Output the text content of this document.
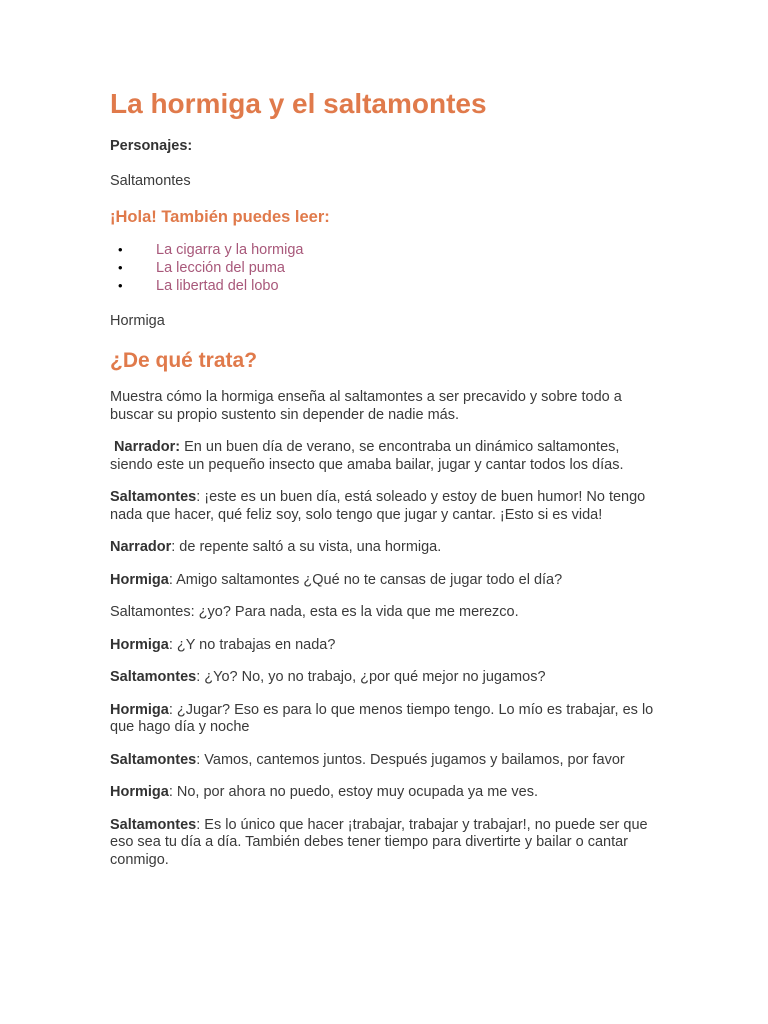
La hormiga y el saltamontes

Personajes:

Saltamontes

¡Hola! También puedes leer:

• La cigarra y la hormiga
• La lección del puma
• La libertad del lobo

Hormiga

¿De qué trata?

Muestra cómo la hormiga enseña al saltamontes a ser precavido y sobre todo a buscar su propio sustento sin depender de nadie más.

Narrador: En un buen día de verano, se encontraba un dinámico saltamontes, siendo este un pequeño insecto que amaba bailar, jugar y cantar todos los días.

Saltamontes: ¡este es un buen día, está soleado y estoy de buen humor! No tengo nada que hacer, qué feliz soy, solo tengo que jugar y cantar. ¡Esto si es vida!

Narrador: de repente saltó a su vista, una hormiga.

Hormiga: Amigo saltamontes ¿Qué no te cansas de jugar todo el día?

Saltamontes: ¿yo? Para nada, esta es la vida que me merezco.

Hormiga: ¿Y no trabajas en nada?

Saltamontes: ¿Yo? No, yo no trabajo, ¿por qué mejor no jugamos?

Hormiga: ¿Jugar? Eso es para lo que menos tiempo tengo. Lo mío es trabajar, es lo que hago día y noche

Saltamontes: Vamos, cantemos juntos. Después jugamos y bailamos, por favor

Hormiga: No, por ahora no puedo, estoy muy ocupada ya me ves.

Saltamontes: Es lo único que hacer ¡trabajar, trabajar y trabajar!, no puede ser que eso sea tu día a día. También debes tener tiempo para divertirte y bailar o cantar conmigo.
